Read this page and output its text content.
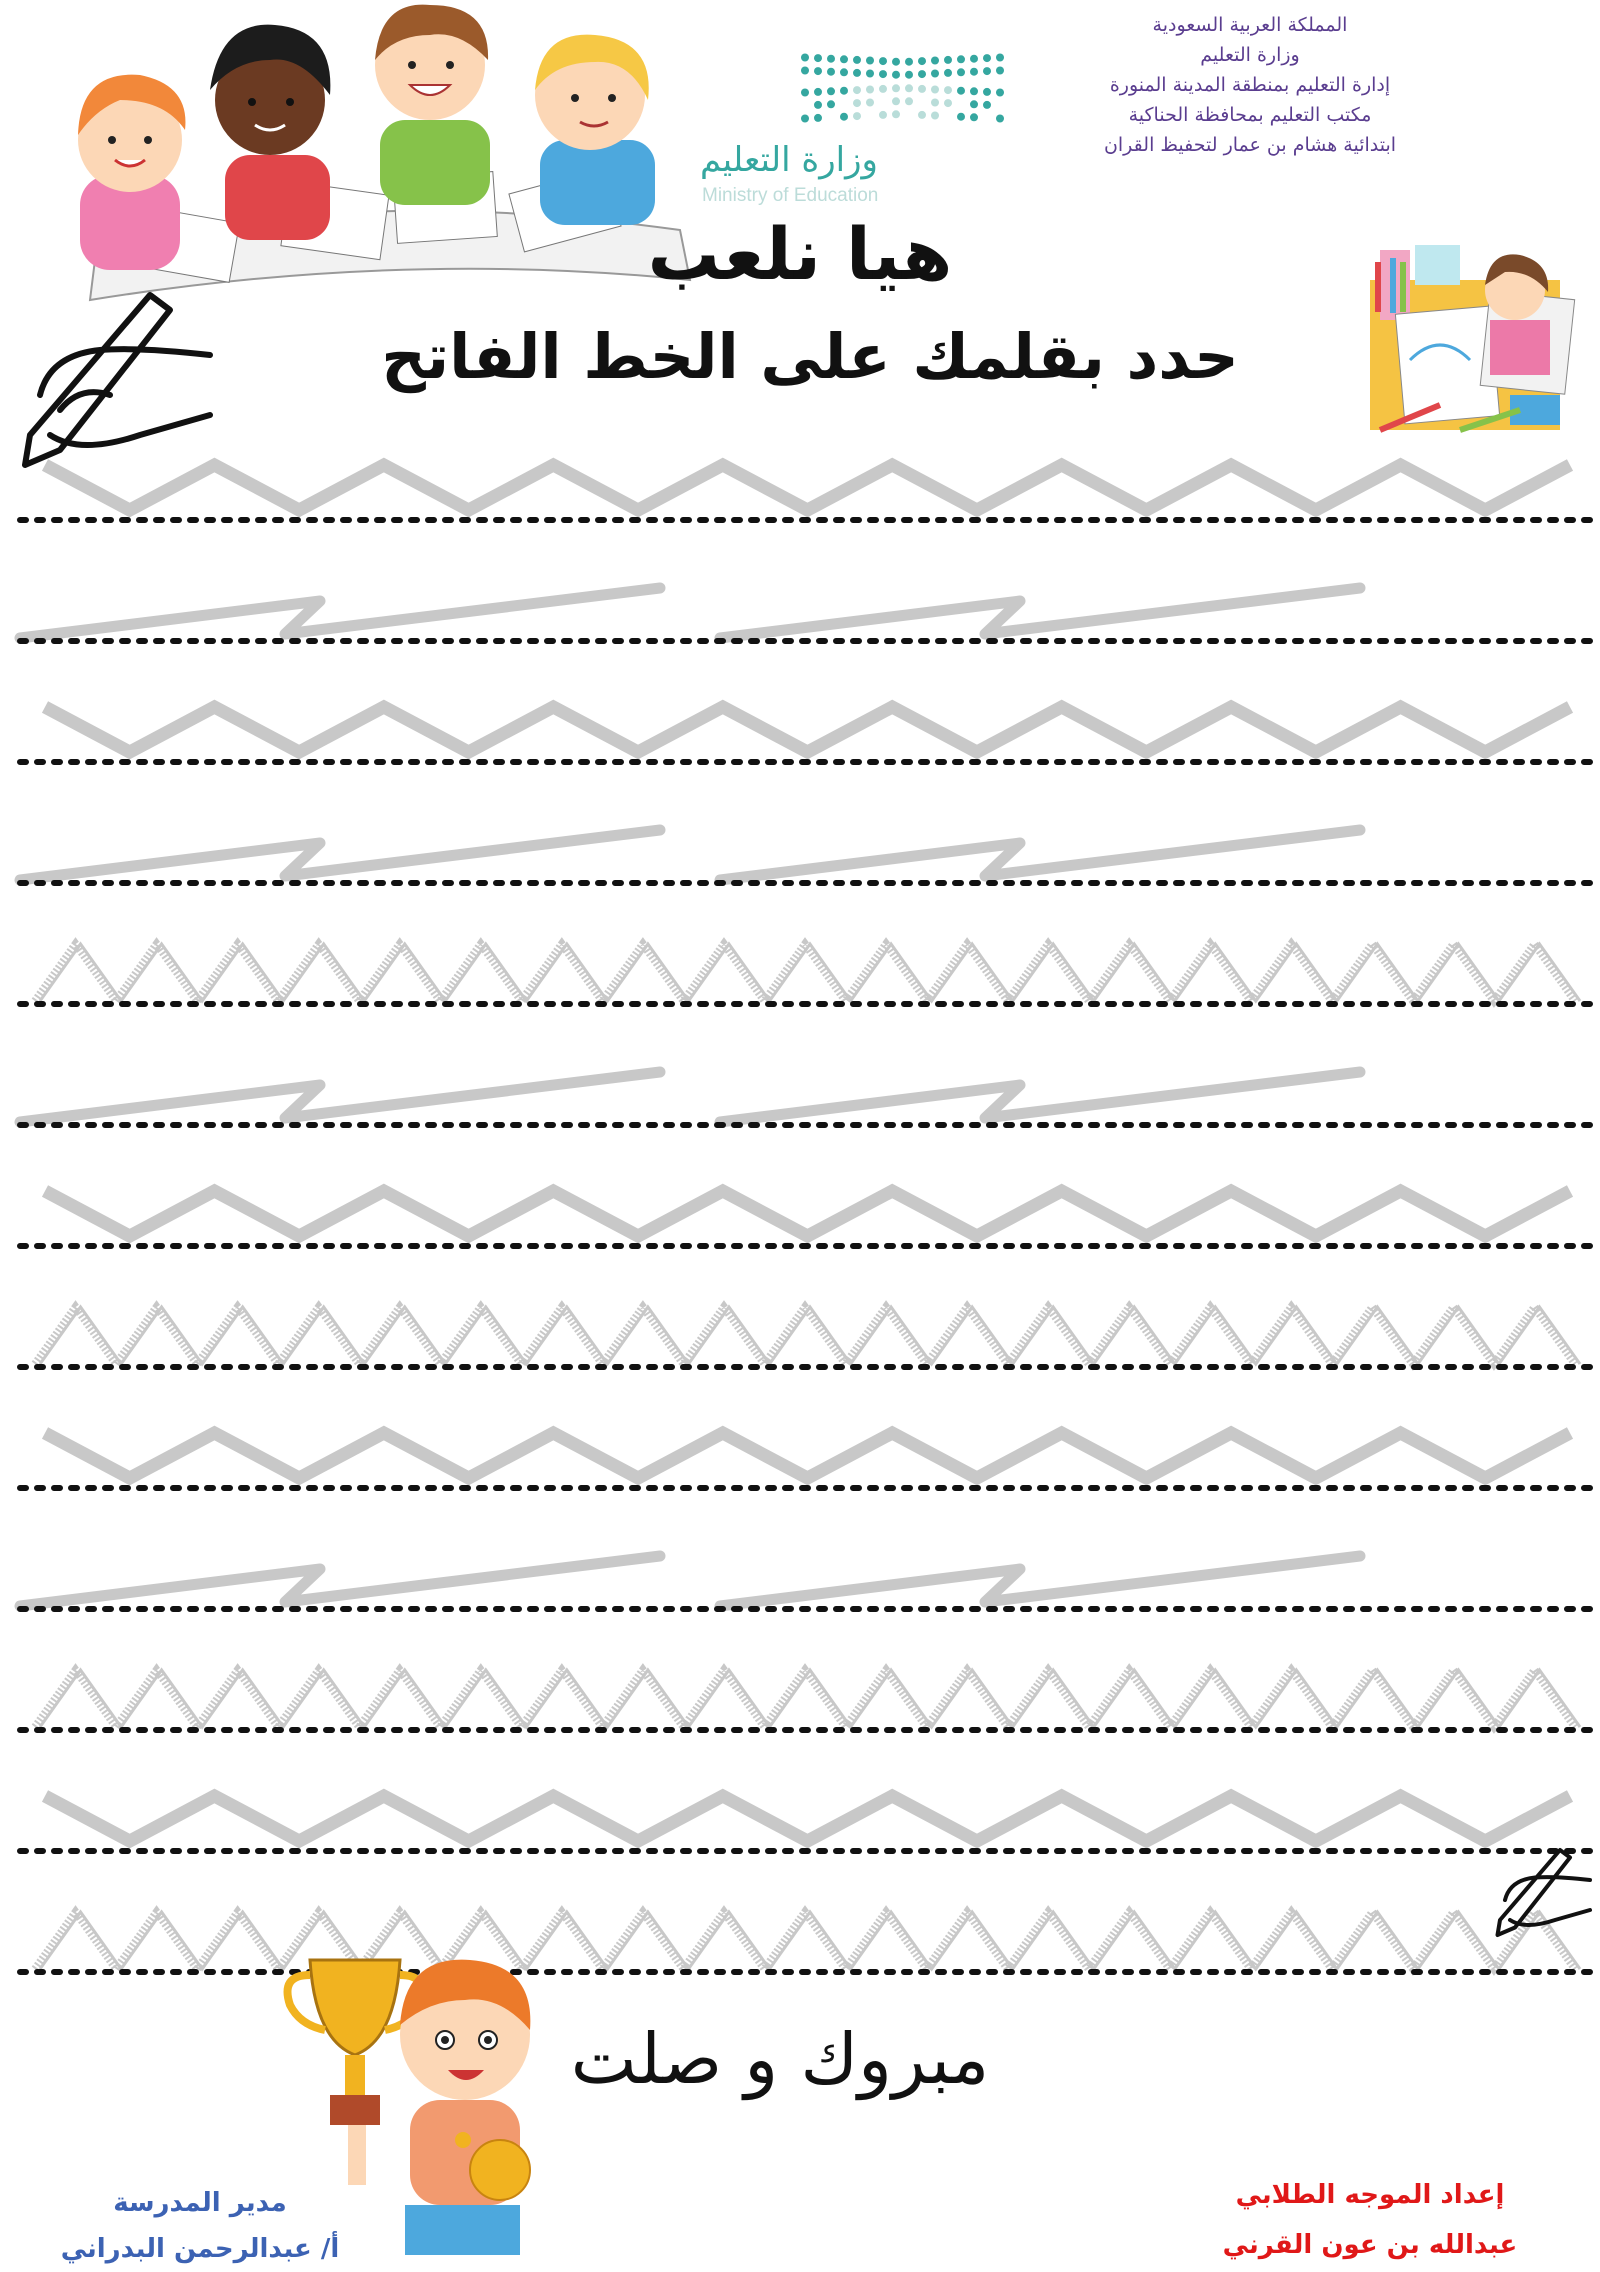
المملكة العربية السعودية
وزارة التعليم
إدارة التعليم بمنطقة المدينة المنورة
مكتب التعليم بمحافظة الحناكية
ابتدائية هشام بن عمار لتحفيظ القران
وزارة التعليم
Ministry of Education
هيا نلعب
حدد بقلمك على الخط الفاتح
مبروك و صلت
مدير المدرسة
أ/ عبدالرحمن البدراني
إعداد الموجه الطلابي
عبدالله بن عون القرني
